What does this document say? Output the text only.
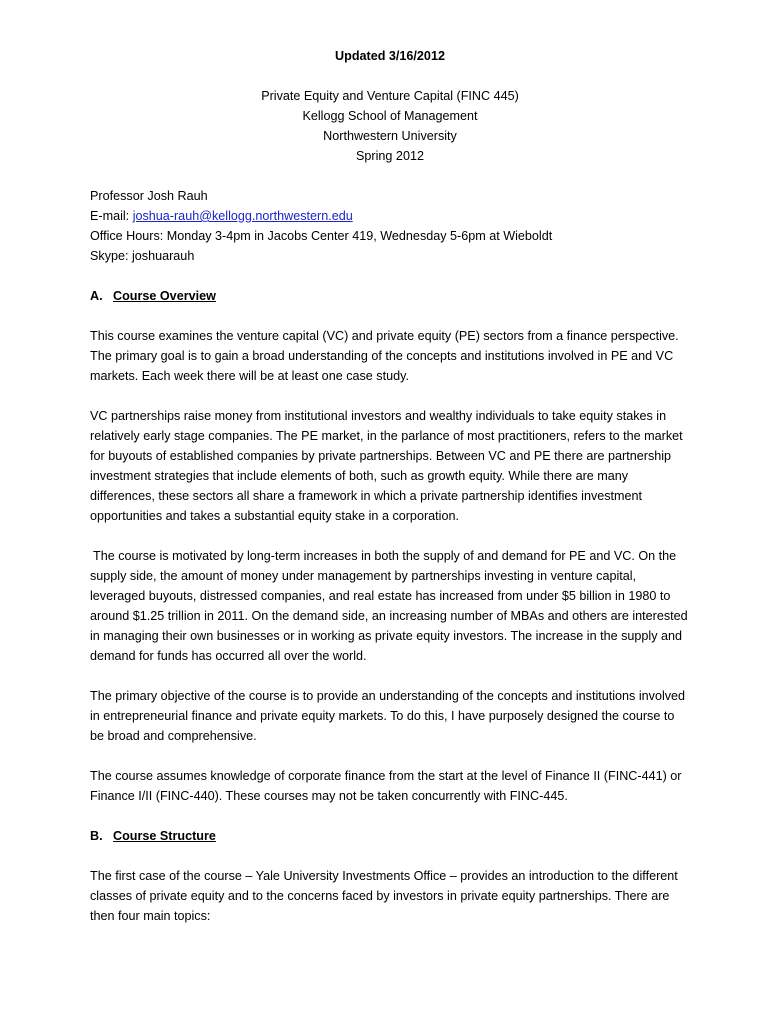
Updated 3/16/2012

Private Equity and Venture Capital (FINC 445)

Kellogg School of Management

Northwestern University

Spring 2012

Professor Josh Rauh

E-mail: joshua-rauh@kellogg.northwestern.edu

Office Hours: Monday 3-4pm in Jacobs Center 419, Wednesday 5-6pm at Wieboldt

Skype: joshuarauh

A. Course Overview

This course examines the venture capital (VC) and private equity (PE) sectors from a finance perspective. The primary goal is to gain a broad understanding of the concepts and institutions involved in PE and VC markets. Each week there will be at least one case study.

VC partnerships raise money from institutional investors and wealthy individuals to take equity stakes in relatively early stage companies. The PE market, in the parlance of most practitioners, refers to the market for buyouts of established companies by private partnerships. Between VC and PE there are partnership investment strategies that include elements of both, such as growth equity. While there are many differences, these sectors all share a framework in which a private partnership identifies investment opportunities and takes a substantial equity stake in a corporation.

The course is motivated by long-term increases in both the supply of and demand for PE and VC. On the supply side, the amount of money under management by partnerships investing in venture capital, leveraged buyouts, distressed companies, and real estate has increased from under $5 billion in 1980 to around $1.25 trillion in 2011. On the demand side, an increasing number of MBAs and others are interested in managing their own businesses or in working as private equity investors. The increase in the supply and demand for funds has occurred all over the world.

The primary objective of the course is to provide an understanding of the concepts and institutions involved in entrepreneurial finance and private equity markets. To do this, I have purposely designed the course to be broad and comprehensive.

The course assumes knowledge of corporate finance from the start at the level of Finance II (FINC-441) or Finance I/II (FINC-440). These courses may not be taken concurrently with FINC-445.

B. Course Structure

The first case of the course – Yale University Investments Office – provides an introduction to the different classes of private equity and to the concerns faced by investors in private equity partnerships. There are then four main topics:
